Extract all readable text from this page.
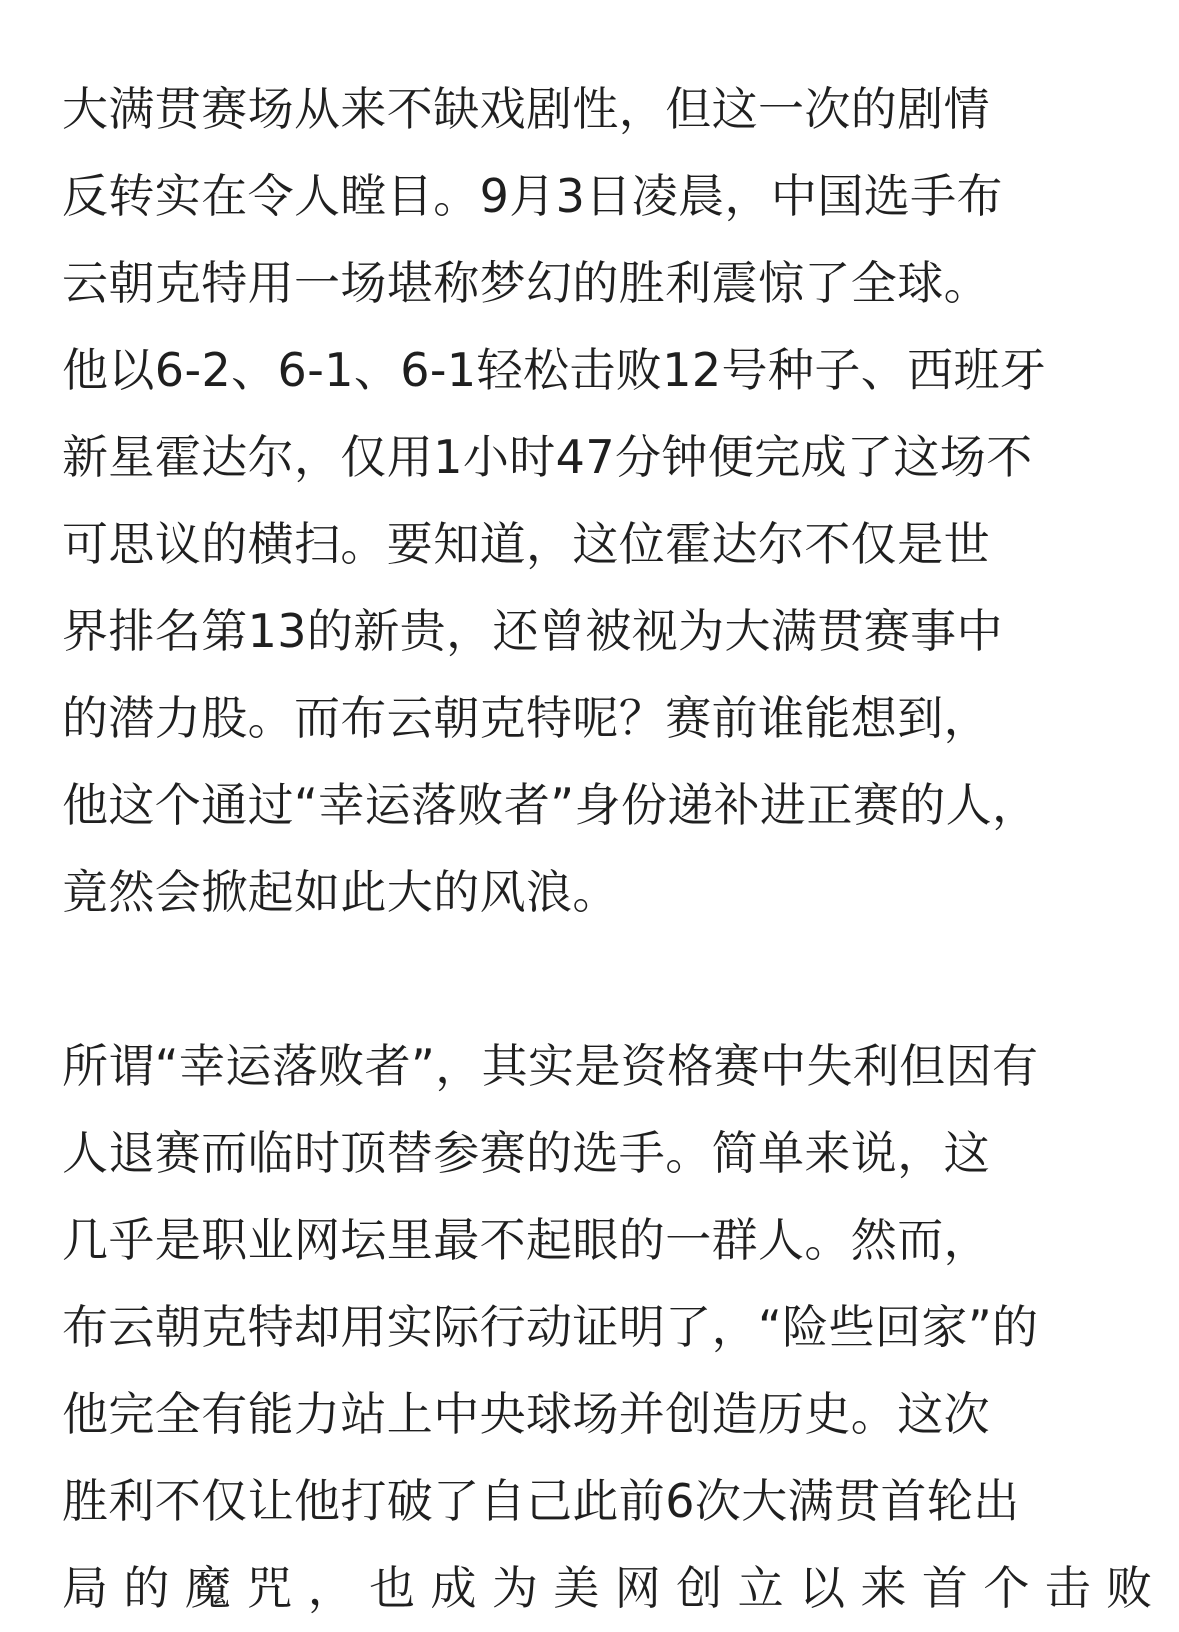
大满贯赛场从来不缺戏剧性，但这一次的剧情
反转实在令人瞠目。9月3日凌晨，中国选手布
云朝克特用一场堪称梦幻的胜利震惊了全球。
他以6-2、6-1、6-1轻松击败12号种子、西班牙
新星霍达尔，仅用1小时47分钟便完成了这场不
可思议的横扫。要知道，这位霍达尔不仅是世
界排名第13的新贵，还曾被视为大满贯赛事中
的潜力股。而布云朝克特呢？赛前谁能想到，
他这个通过“幸运落败者”身份递补进正赛的人，
竟然会掀起如此大的风浪。

所谓“幸运落败者”，其实是资格赛中失利但因有
人退赛而临时顶替参赛的选手。简单来说，这
几乎是职业网坛里最不起眼的一群人。然而，
布云朝克特却用实际行动证明了，“险些回家”的
他完全有能力站上中央球场并创造历史。这次
胜利不仅让他打破了自己此前6次大满贯首轮出
局 的 魔 咒 ， 也 成 为 美 网 创 立 以 来 首 个 击 败
